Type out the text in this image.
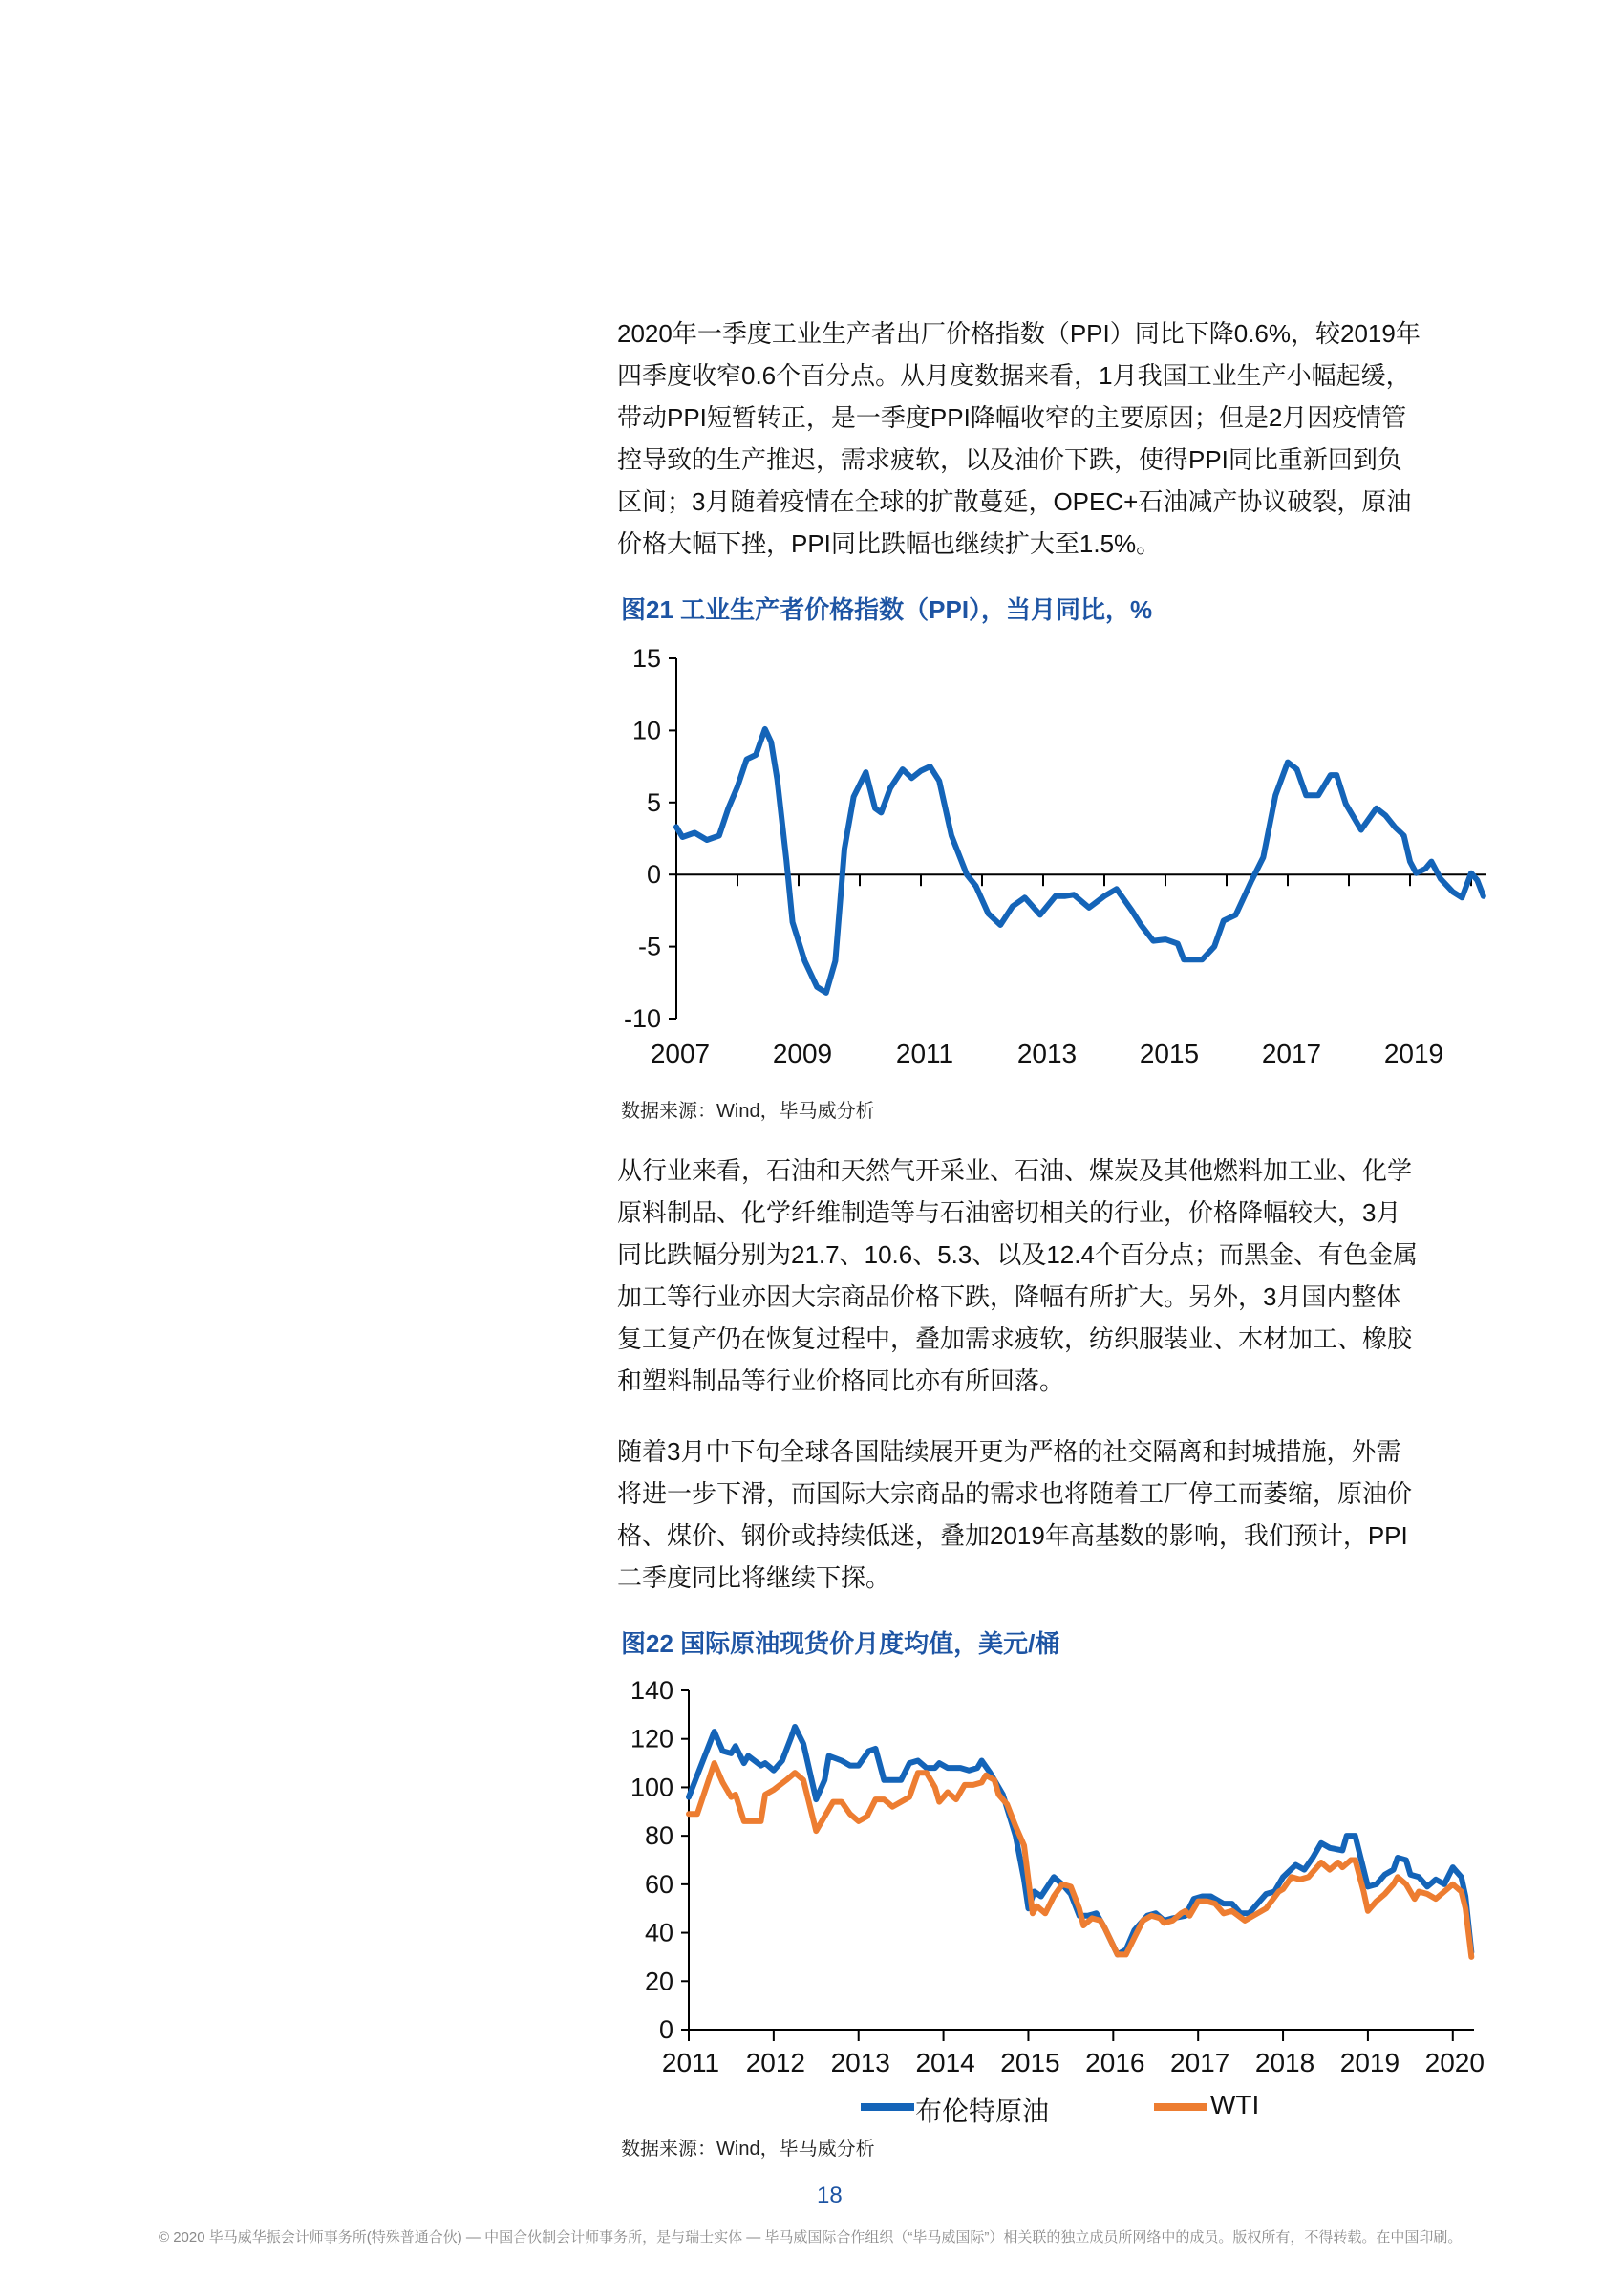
2020年一季度工业生产者出厂价格指数（PPI）同比下降0.6%，较2019年
四季度收窄0.6个百分点。从月度数据来看，1月我国工业生产小幅起缓，
带动PPI短暂转正，是一季度PPI降幅收窄的主要原因；但是2月因疫情管
控导致的生产推迟，需求疲软，以及油价下跌，使得PPI同比重新回到负
区间；3月随着疫情在全球的扩散蔓延，OPEC+石油减产协议破裂，原油
价格大幅下挫，PPI同比跌幅也继续扩大至1.5%。
图21 工业生产者价格指数（PPI），当月同比，%
15
10
5
0
-5
-10
2007 2009 2011 2013 2015 2017 2019
数据来源：Wind，毕马威分析
从行业来看，石油和天然气开采业、石油、煤炭及其他燃料加工业、化学
原料制品、化学纤维制造等与石油密切相关的行业，价格降幅较大，3月
同比跌幅分别为21.7、10.6、5.3、以及12.4个百分点；而黑金、有色金属
加工等行业亦因大宗商品价格下跌，降幅有所扩大。另外，3月国内整体
复工复产仍在恢复过程中，叠加需求疲软，纺织服装业、木材加工、橡胶
和塑料制品等行业价格同比亦有所回落。
随着3月中下旬全球各国陆续展开更为严格的社交隔离和封城措施，外需
将进一步下滑，而国际大宗商品的需求也将随着工厂停工而萎缩，原油价
格、煤价、钢价或持续低迷，叠加2019年高基数的影响，我们预计，PPI
二季度同比将继续下探。
图22 国际原油现货价月度均值，美元/桶
140
120
100
80
60
40
20
0
2011 2012 2013 2014 2015 2016 2017 2018 2019 2020
布伦特原油	WTI
数据来源：Wind，毕马威分析
18
© 2020 毕马威华振会计师事务所(特殊普通合伙) — 中国合伙制会计师事务所，是与瑞士实体 — 毕马威国际合作组织（“毕马威国际”）相关联的独立成员所网络中的成员。版权所有，不得转载。在中国印刷。
